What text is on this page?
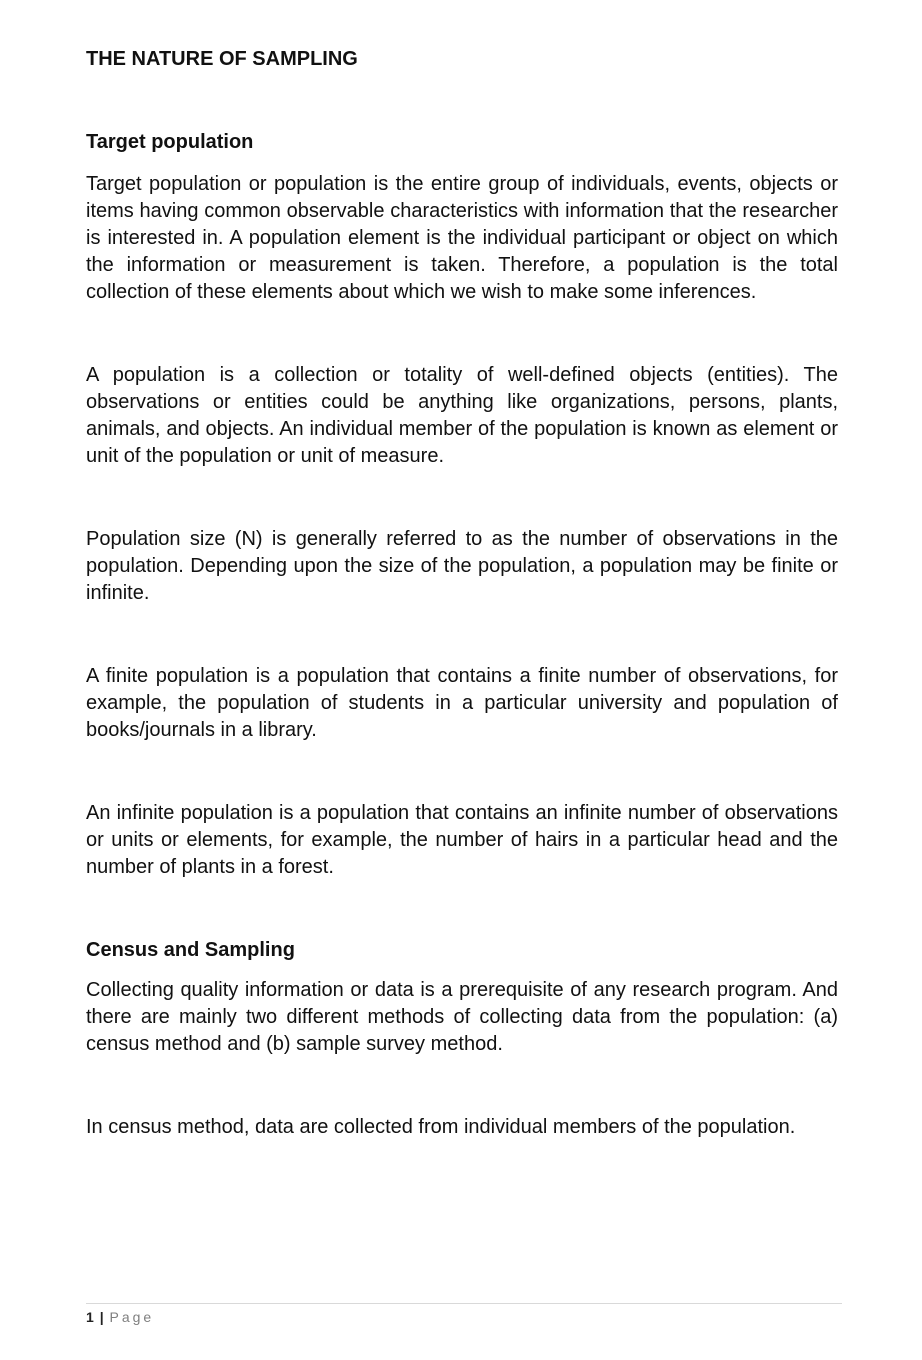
THE NATURE OF SAMPLING
Target population

Target population or population is the entire group of individuals, events, objects or items having common observable characteristics with information that the researcher is interested in. A population element is the individual participant or object on which the information or measurement is taken. Therefore, a population is the total collection of these elements about which we wish to make some inferences.

A population is a collection or totality of well-defined objects (entities). The observations or entities could be anything like organizations, persons, plants, animals, and objects. An individual member of the population is known as element or unit of the population or unit of measure.

Population size (N) is generally referred to as the number of observations in the population. Depending upon the size of the population, a population may be finite or infinite.

A finite population is a population that contains a finite number of observations, for example, the population of students in a particular university and population of books/journals in a library.

An infinite population is a population that contains an infinite number of observations or units or elements, for example, the number of hairs in a particular head and the number of plants in a forest.

Census and Sampling

Collecting quality information or data is a prerequisite of any research program. And there are mainly two different methods of collecting data from the population: (a) census method and (b) sample survey method.

In census method, data are collected from individual members of the population.

1 | Page
